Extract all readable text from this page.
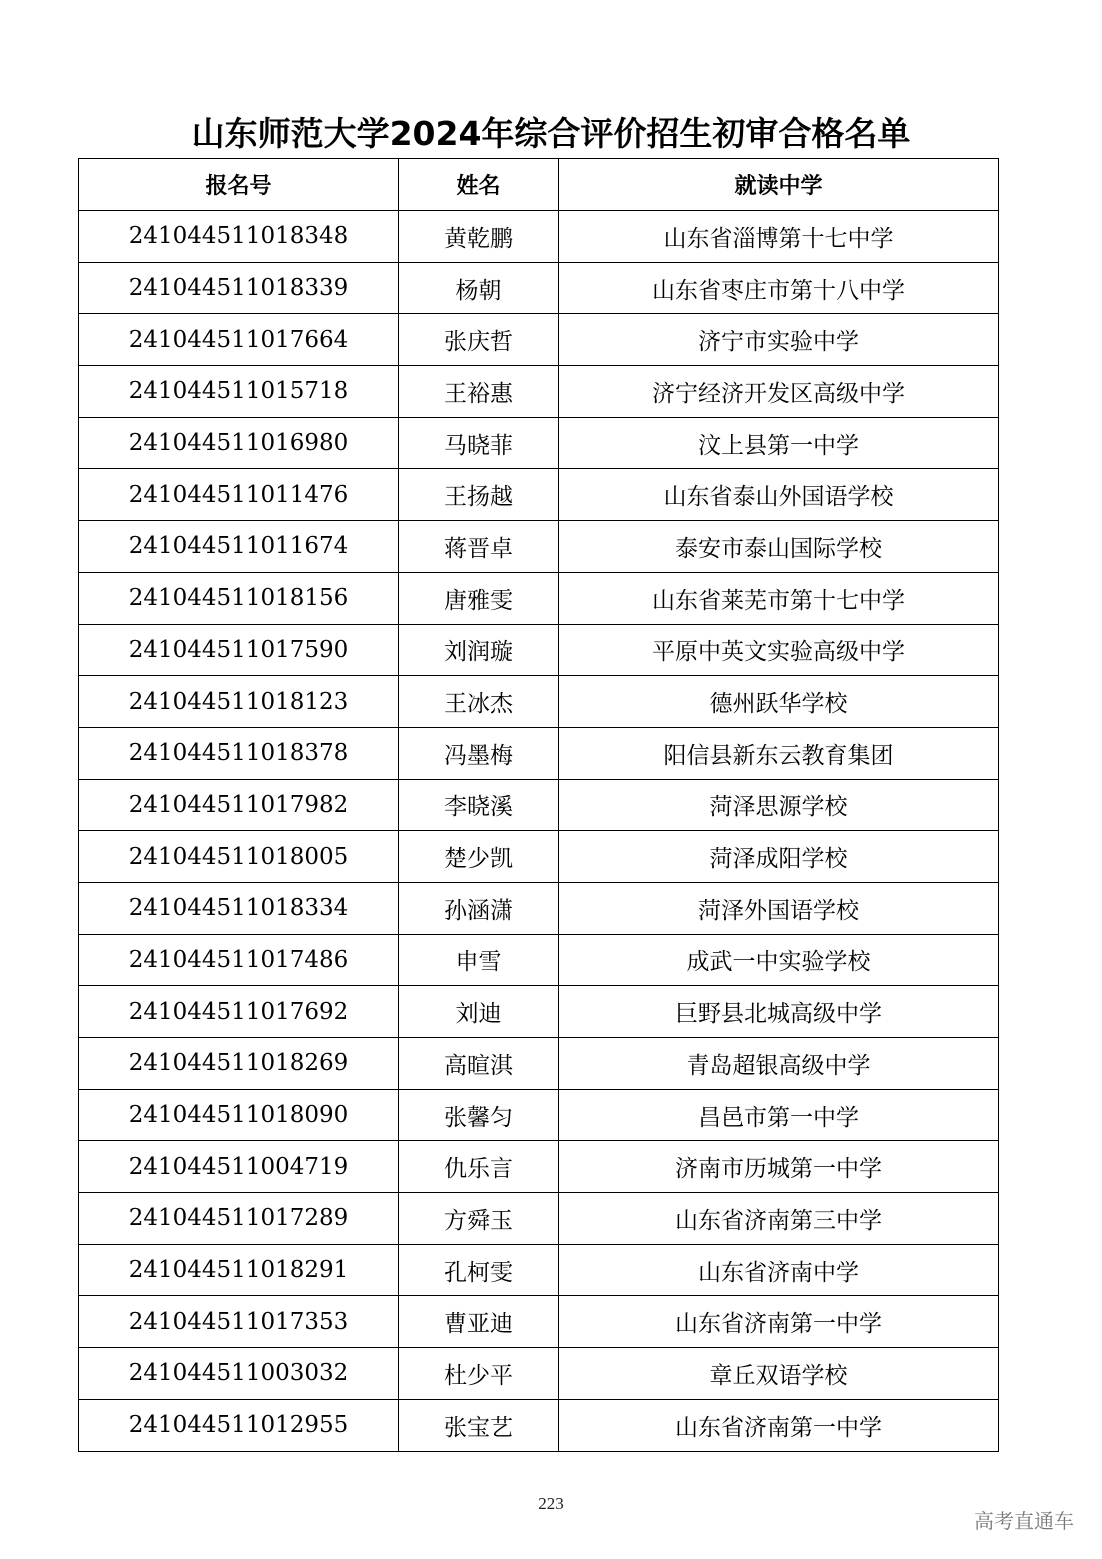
山东师范大学2024年综合评价招生初审合格名单
报名号	姓名	就读中学
241044511018348	黄乾鹏	山东省淄博第十七中学
241044511018339	杨朝	山东省枣庄市第十八中学
241044511017664	张庆哲	济宁市实验中学
241044511015718	王裕惠	济宁经济开发区高级中学
241044511016980	马晓菲	汶上县第一中学
241044511011476	王扬越	山东省泰山外国语学校
241044511011674	蒋晋卓	泰安市泰山国际学校
241044511018156	唐雅雯	山东省莱芜市第十七中学
241044511017590	刘润璇	平原中英文实验高级中学
241044511018123	王冰杰	德州跃华学校
241044511018378	冯墨梅	阳信县新东云教育集团
241044511017982	李晓溪	菏泽思源学校
241044511018005	楚少凯	菏泽成阳学校
241044511018334	孙涵潇	菏泽外国语学校
241044511017486	申雪	成武一中实验学校
241044511017692	刘迪	巨野县北城高级中学
241044511018269	高暄淇	青岛超银高级中学
241044511018090	张馨匀	昌邑市第一中学
241044511004719	仇乐言	济南市历城第一中学
241044511017289	方舜玉	山东省济南第三中学
241044511018291	孔柯雯	山东省济南中学
241044511017353	曹亚迪	山东省济南第一中学
241044511003032	杜少平	章丘双语学校
241044511012955	张宝艺	山东省济南第一中学
223
高考直通车
